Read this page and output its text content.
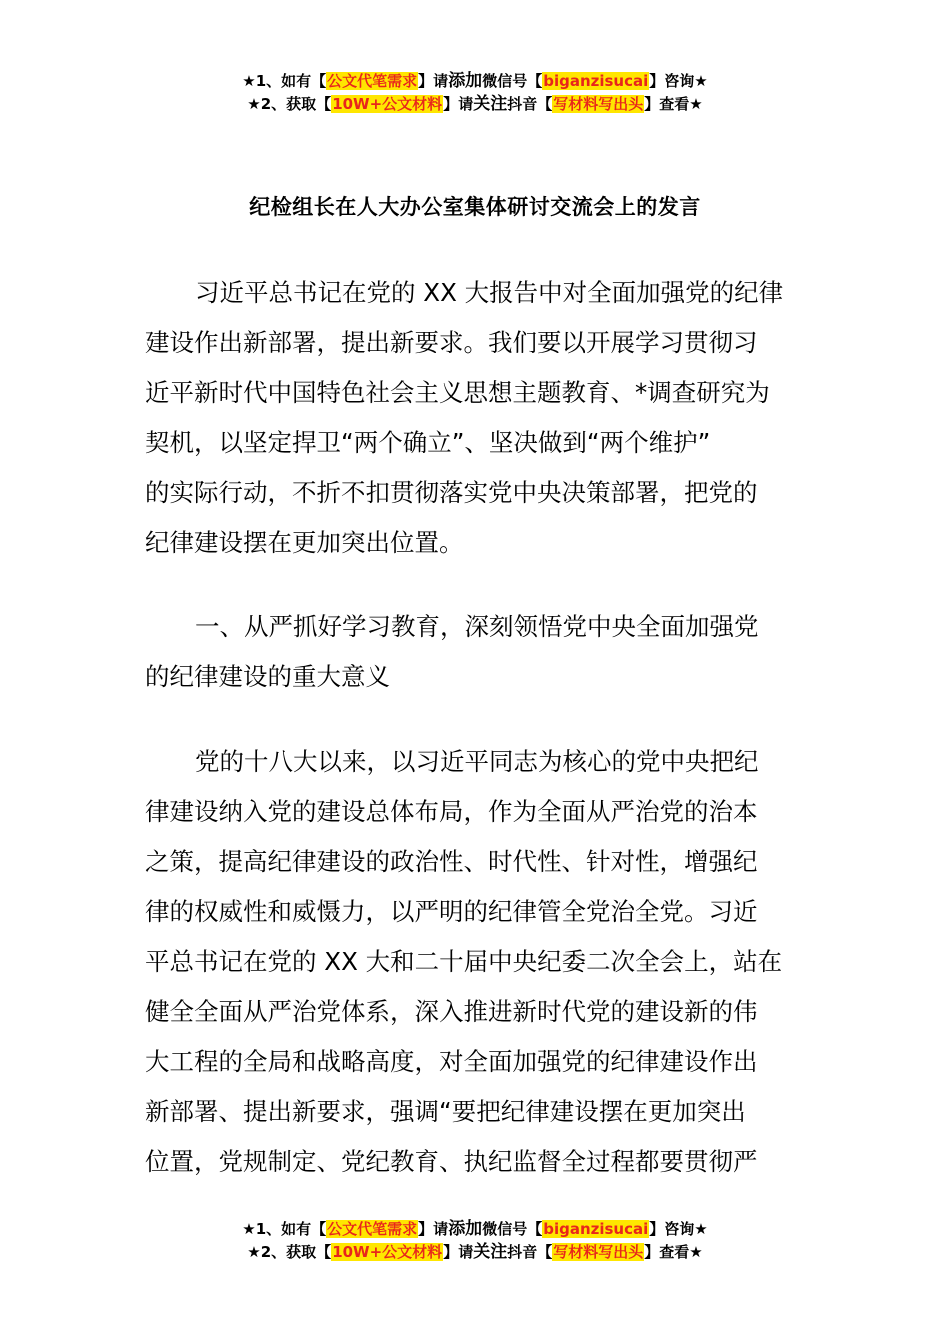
★1、如有【公文代笔需求】请添加微信号【biganzisucai】咨询★
★2、获取【10W+公文材料】请关注抖音【写材料写出头】查看★
纪检组长在人大办公室集体研讨交流会上的发言
习近平总书记在党的 XX 大报告中对全面加强党的纪律
建设作出新部署，提出新要求。我们要以开展学习贯彻习
近平新时代中国特色社会主义思想主题教育、*调查研究为
契机，以坚定捍卫“两个确立”、坚决做到“两个维护”
的实际行动，不折不扣贯彻落实党中央决策部署，把党的
纪律建设摆在更加突出位置。
一、从严抓好学习教育，深刻领悟党中央全面加强党
的纪律建设的重大意义
党的十八大以来，以习近平同志为核心的党中央把纪
律建设纳入党的建设总体布局，作为全面从严治党的治本
之策，提高纪律建设的政治性、时代性、针对性，增强纪
律的权威性和威慑力，以严明的纪律管全党治全党。习近
平总书记在党的 XX 大和二十届中央纪委二次全会上，站在
健全全面从严治党体系，深入推进新时代党的建设新的伟
大工程的全局和战略高度，对全面加强党的纪律建设作出
新部署、提出新要求，强调“要把纪律建设摆在更加突出
位置，党规制定、党纪教育、执纪监督全过程都要贯彻严
★1、如有【公文代笔需求】请添加微信号【biganzisucai】咨询★
★2、获取【10W+公文材料】请关注抖音【写材料写出头】查看★
